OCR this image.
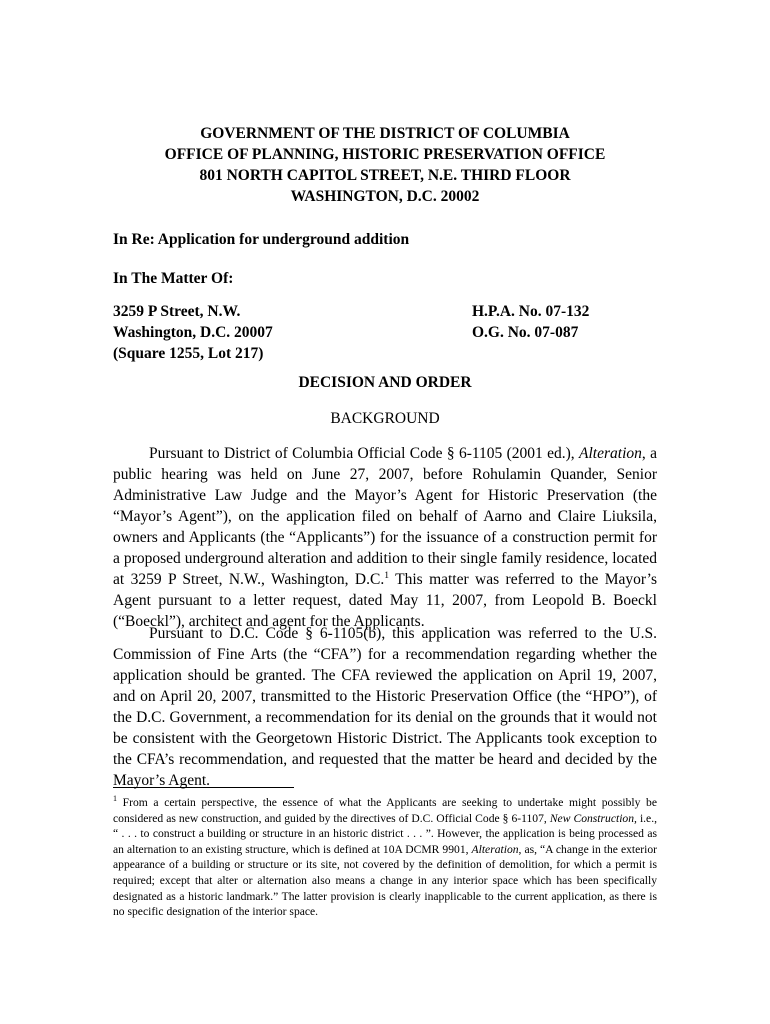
GOVERNMENT OF THE DISTRICT OF COLUMBIA
OFFICE OF PLANNING, HISTORIC PRESERVATION OFFICE
801 NORTH CAPITOL STREET, N.E. THIRD FLOOR
WASHINGTON, D.C. 20002
In Re: Application for underground addition
In The Matter Of:
3259 P Street, N.W.
Washington, D.C. 20007
(Square 1255, Lot 217)
H.P.A. No. 07-132
O.G. No. 07-087
DECISION AND ORDER
BACKGROUND
Pursuant to District of Columbia Official Code § 6-1105 (2001 ed.), Alteration, a public hearing was held on June 27, 2007, before Rohulamin Quander, Senior Administrative Law Judge and the Mayor’s Agent for Historic Preservation (the “Mayor’s Agent”), on the application filed on behalf of Aarno and Claire Liuksila, owners and Applicants (the “Applicants”) for the issuance of a construction permit for a proposed underground alteration and addition to their single family residence, located at 3259 P Street, N.W., Washington, D.C.$^1$ This matter was referred to the Mayor’s Agent pursuant to a letter request, dated May 11, 2007, from Leopold B. Boeckl (“Boeckl”), architect and agent for the Applicants.
Pursuant to D.C. Code § 6-1105(b), this application was referred to the U.S. Commission of Fine Arts (the “CFA”) for a recommendation regarding whether the application should be granted. The CFA reviewed the application on April 19, 2007, and on April 20, 2007, transmitted to the Historic Preservation Office (the “HPO”), of the D.C. Government, a recommendation for its denial on the grounds that it would not be consistent with the Georgetown Historic District. The Applicants took exception to the CFA’s recommendation, and requested that the matter be heard and decided by the Mayor’s Agent.
$^1$ From a certain perspective, the essence of what the Applicants are seeking to undertake might possibly be considered as new construction, and guided by the directives of D.C. Official Code § 6-1107, New Construction, i.e., “ . . . to construct a building or structure in an historic district . . . ”. However, the application is being processed as an alternation to an existing structure, which is defined at 10A DCMR 9901, Alteration, as, “A change in the exterior appearance of a building or structure or its site, not covered by the definition of demolition, for which a permit is required; except that alter or alternation also means a change in any interior space which has been specifically designated as a historic landmark.” The latter provision is clearly inapplicable to the current application, as there is no specific designation of the interior space.
